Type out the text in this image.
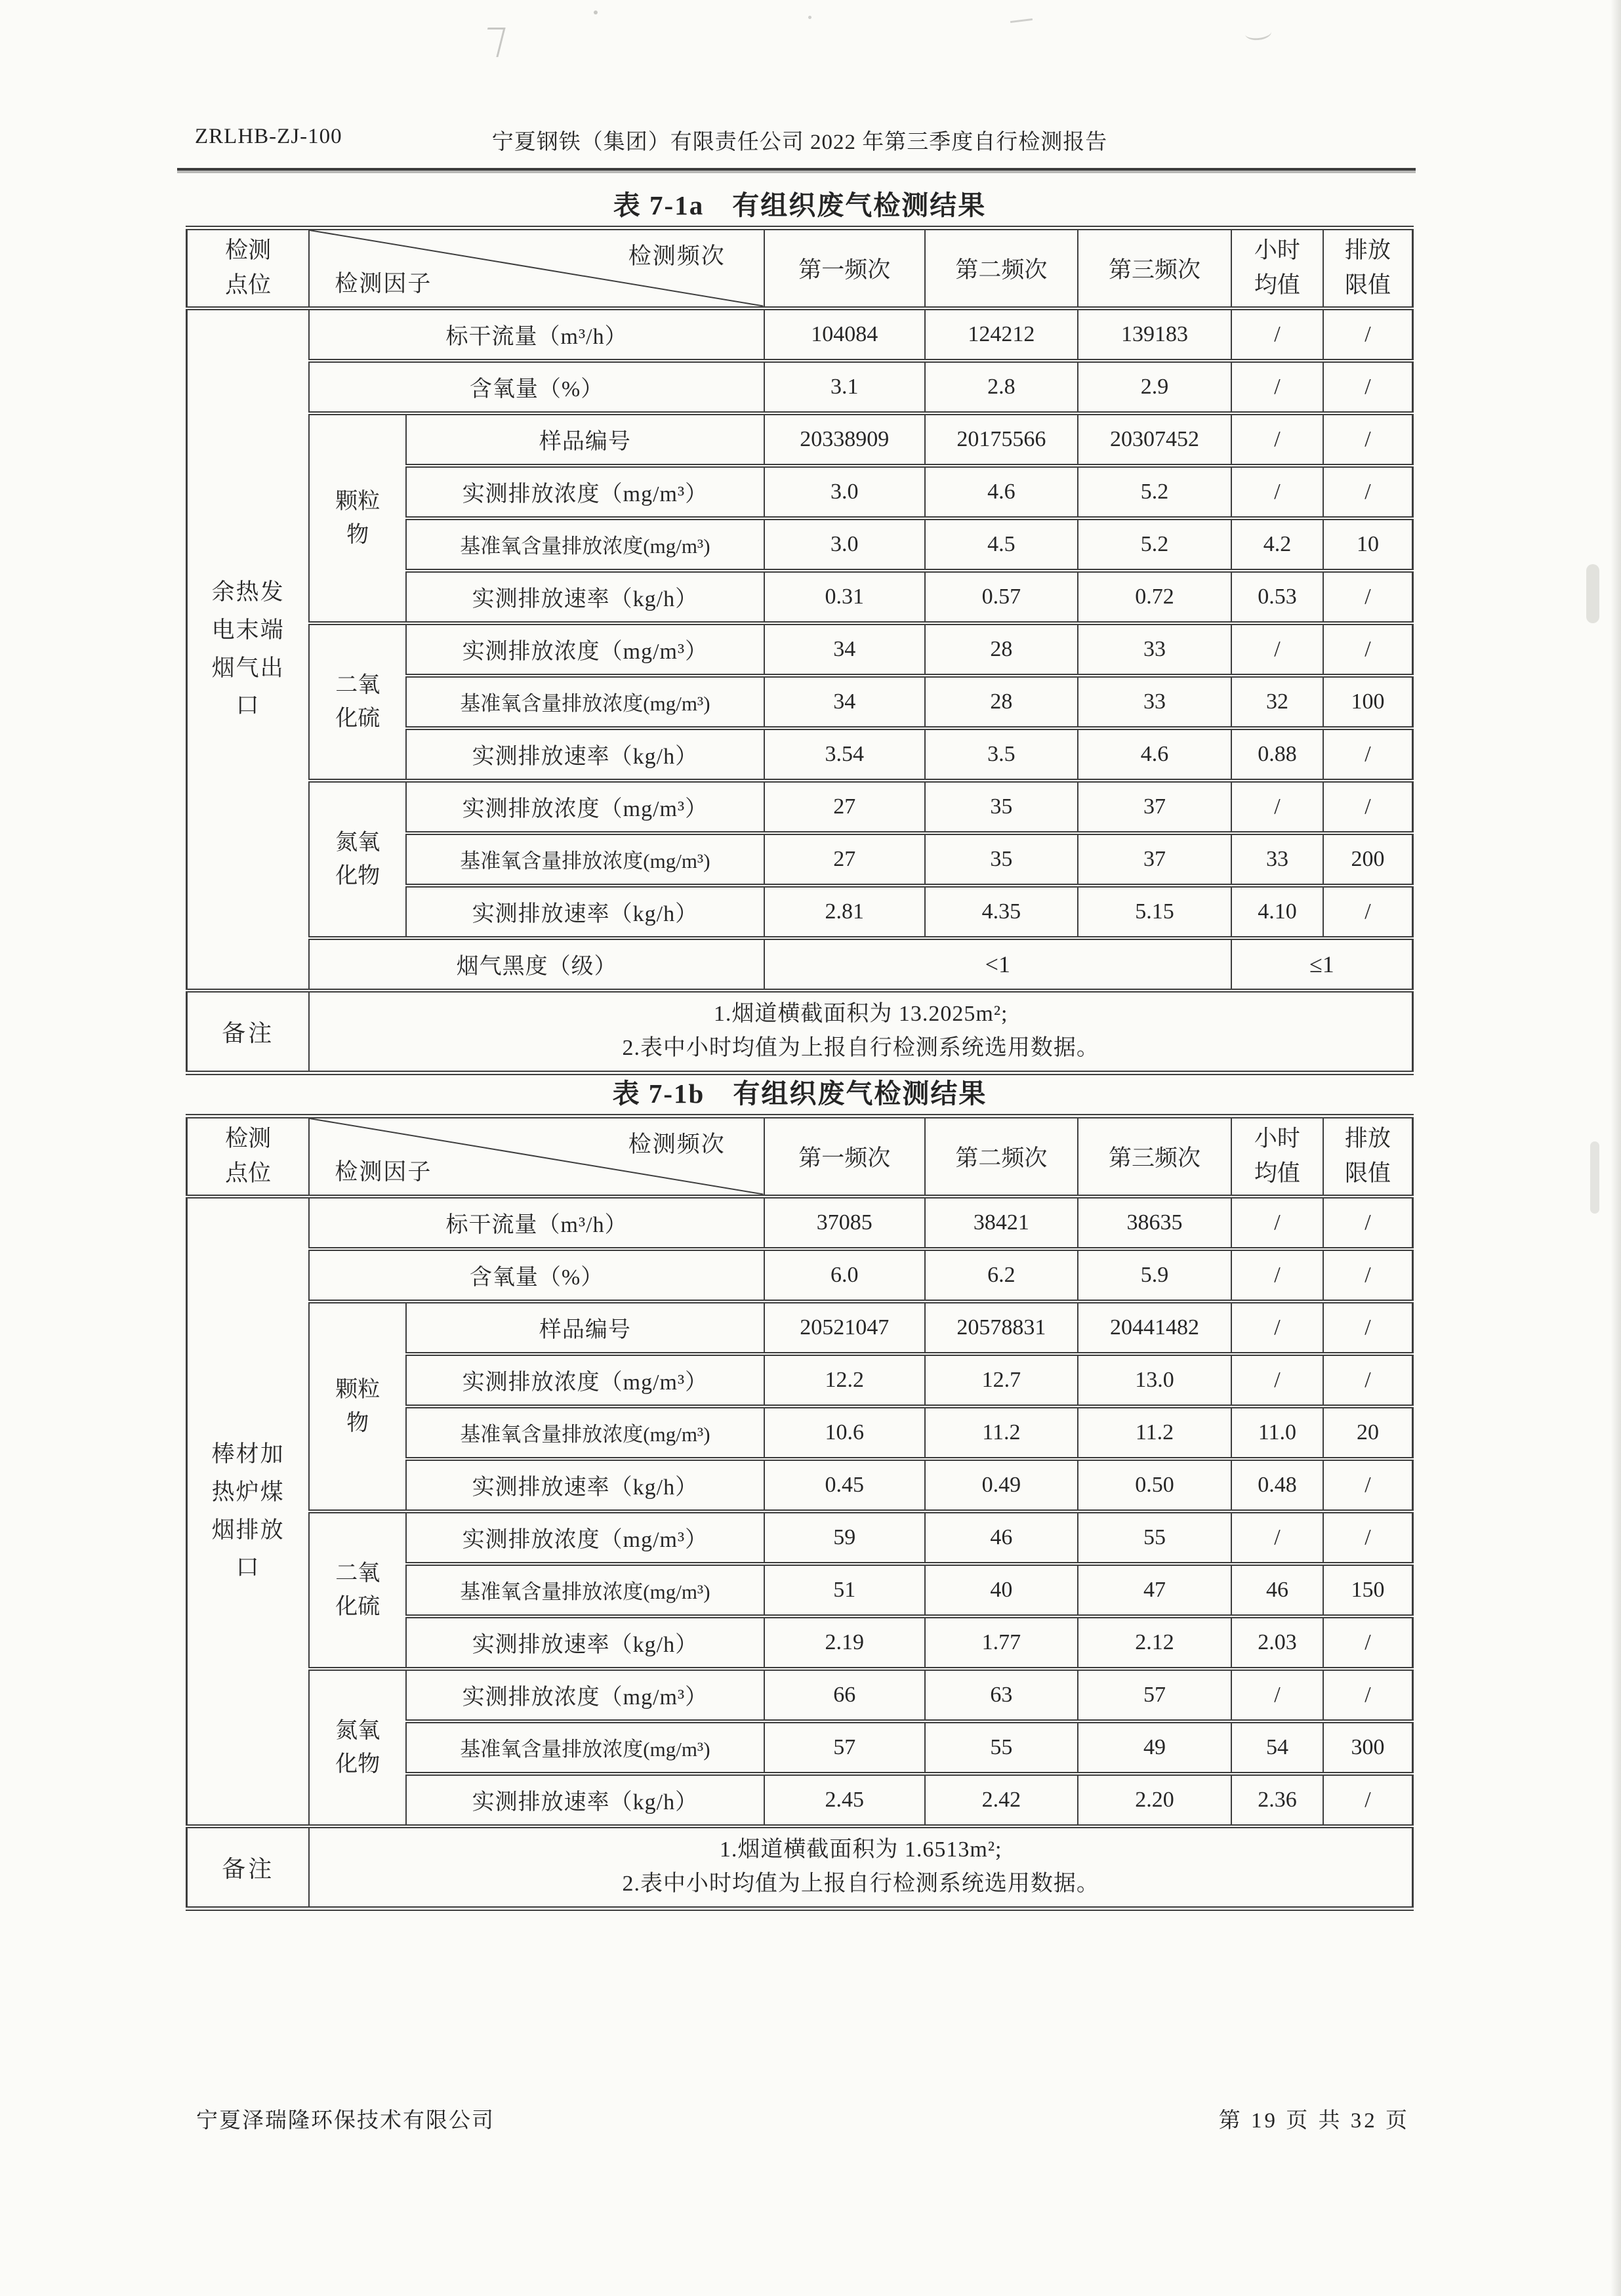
ZRLHB-ZJ-100	宁夏钢铁（集团）有限责任公司 2022 年第三季度自行检测报告
表 7-1a　有组织废气检测结果
检测点位	检测频次
检测因子		第一频次	第二频次	第三频次	小时均值	排放限值

余热发电末端烟气出口	标干流量（m³/h）		104084	124212	139183	/	/
	含氧量（%）		3.1	2.8	2.9	/	/

	颗粒物	样品编号	20338909	20175566	20307452	/	/
		实测排放浓度（mg/m³）	3.0	4.6	5.2	/	/
		基准氧含量排放浓度(mg/m³)	3.0	4.5	5.2	4.2	10
		实测排放速率（kg/h）	0.31	0.57	0.72	0.53	/

	二氧化硫	实测排放浓度（mg/m³）	34	28	33	/	/
		基准氧含量排放浓度(mg/m³)	34	28	33	32	100
		实测排放速率（kg/h）	3.54	3.5	4.6	0.88	/

	氮氧化物	实测排放浓度（mg/m³）	27	35	37	/	/
		基准氧含量排放浓度(mg/m³)	27	35	37	33	200
		实测排放速率（kg/h）	2.81	4.35	5.15	4.10	/
	烟气黑度（级）		<1			≤1	
备注	1.烟道横截面积为 13.2025m²;
2.表中小时均值为上报自行检测系统选用数据。						
表 7-1b　有组织废气检测结果
检测点位	检测频次
检测因子		第一频次	第二频次	第三频次	小时均值	排放限值

棒材加热炉煤烟排放口	标干流量（m³/h）		37085	38421	38635	/	/
	含氧量（%）		6.0	6.2	5.9	/	/

	颗粒物	样品编号	20521047	20578831	20441482	/	/
		实测排放浓度（mg/m³）	12.2	12.7	13.0	/	/
		基准氧含量排放浓度(mg/m³)	10.6	11.2	11.2	11.0	20
		实测排放速率（kg/h）	0.45	0.49	0.50	0.48	/

	二氧化硫	实测排放浓度（mg/m³）	59	46	55	/	/
		基准氧含量排放浓度(mg/m³)	51	40	47	46	150
		实测排放速率（kg/h）	2.19	1.77	2.12	2.03	/

	氮氧化物	实测排放浓度（mg/m³）	66	63	57	/	/
		基准氧含量排放浓度(mg/m³)	57	55	49	54	300
		实测排放速率（kg/h）	2.45	2.42	2.20	2.36	/
备注	1.烟道横截面积为 1.6513m²;
2.表中小时均值为上报自行检测系统选用数据。						
宁夏泽瑞隆环保技术有限公司	第 19 页 共 32 页
